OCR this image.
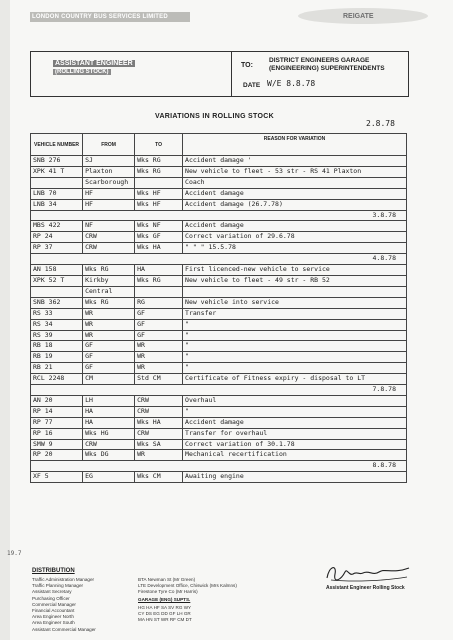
LONDON COUNTRY BUS SERVICES LIMITED	REIGATE
ASSISTANT ENGINEER
(ROLLING STOCK)
TO:
DISTRICT ENGINEERS GARAGE (ENGINEERING) SUPERINTENDENTS
DATE W/E 8.8.78
VARIATIONS IN ROLLING STOCK
2.8.78
VEHICLE NUMBER	FROM	TO	REASON FOR VARIATION
SNB 276	SJ	Wks RG	Accident damage '
XPK 41 T	Plaxton	Wks RG	New vehicle to fleet - 53 str - RS 41 Plaxton
	Scarborough		Coach
LNB 70	HF	Wks HF	Accident damage
LNB 34	HF	Wks HF	Accident damage (26.7.78)
3.8.78			
MBS 422	NF	Wks NF	Accident damage
RP 24	CRW	Wks GF	Correct variation of 29.6.78
RP 37	CRW	Wks HA	" " " 15.5.78
4.8.78			
AN 158	Wks RG	HA	First licenced-new vehicle to service
XPK 52 T	Kirkby	Wks RG	New vehicle to fleet - 49 str - RB 52
	Central		
SNB 362	Wks RG	RG	New vehicle into service
RS 33	WR	GF	Transfer
RS 34	WR	GF	"
RS 39	WR	GF	"
RB 18	GF	WR	"
RB 19	GF	WR	"
RB 21	GF	WR	"
RCL 2248	CM	Std CM	Certificate of Fitness expiry - disposal to LT
7.8.78			
AN 20	LH	CRW	Overhaul
RP 14	HA	CRW	"
RP 77	HA	Wks HA	Accident damage
RP 16	Wks HG	CRW	Transfer for overhaul
SMW 9	CRW	Wks SA	Correct variation of 30.1.78
RP 20	Wks DG	WR	Mechanical recertification
8.8.78			
XF 5	EG	Wks CM	Awaiting engine
19.7
DISTRIBUTION
Traffic Administration Manager
Traffic Planning Manager
Assistant Secretary
Purchasing Officer
Commercial Manager
Financial Accountant
Area Engineer North
Area Engineer South
Assistant Commercial Manager
BTA Newman St (Mr Green)
LTE Development Office, Chiswick (Mrs Kalmns)
Firestone Tyre Co (Mr Harris)
GARAGE (ENG) SUPTS.
HG HA HF SA SV RG WY
CY DS EG DD GF LH GR
MA HN ST WR RF CM DT
Assistant Engineer Rolling Stock
